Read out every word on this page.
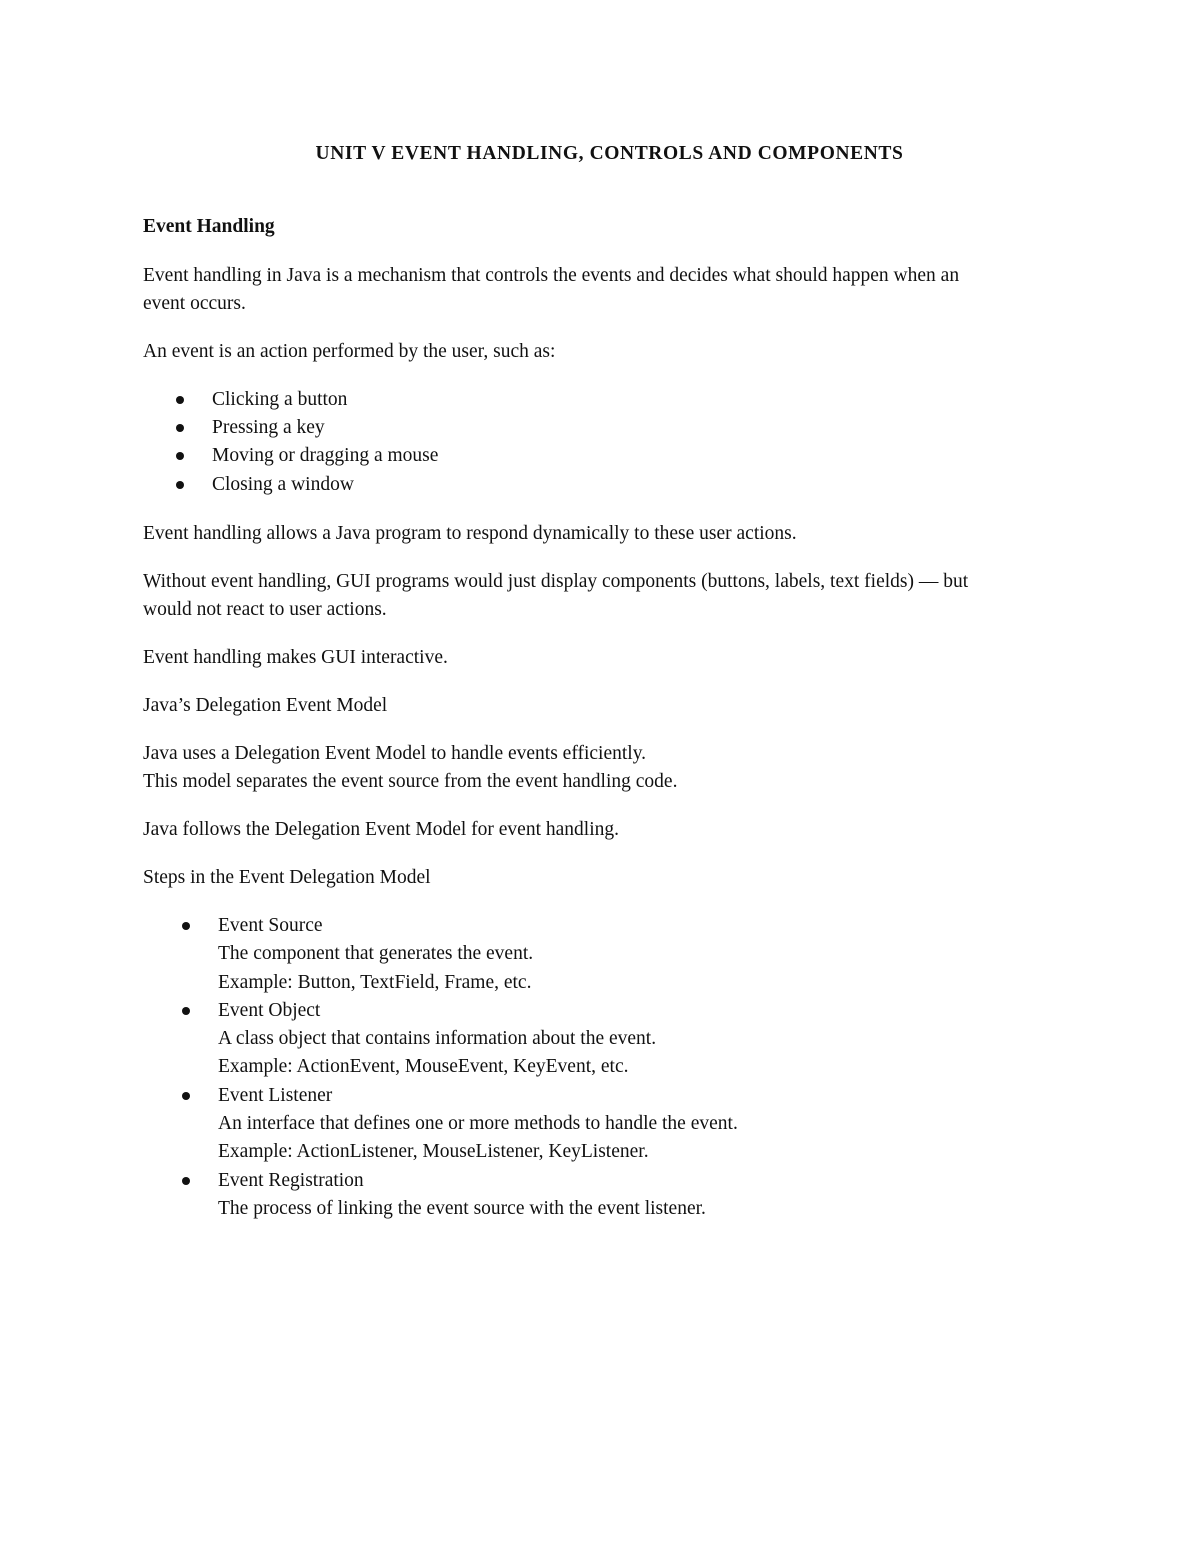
UNIT V EVENT HANDLING, CONTROLS AND COMPONENTS

Event Handling

Event handling in Java is a mechanism that controls the events and decides what should happen when an

event occurs.

An event is an action performed by the user, such as:

Clicking a button
Pressing a key
Moving or dragging a mouse
Closing a window

Event handling allows a Java program to respond dynamically to these user actions.

Without event handling, GUI programs would just display components (buttons, labels, text fields) — but

would not react to user actions.

Event handling makes GUI interactive.

Java’s Delegation Event Model

Java uses a Delegation Event Model to handle events efficiently.

This model separates the event source from the event handling code.

Java follows the Delegation Event Model for event handling.

Steps in the Event Delegation Model

Event Source
The component that generates the event.
Example: Button, TextField, Frame, etc.
Event Object
A class object that contains information about the event.
Example: ActionEvent, MouseEvent, KeyEvent, etc.
Event Listener
An interface that defines one or more methods to handle the event.
Example: ActionListener, MouseListener, KeyListener.
Event Registration
The process of linking the event source with the event listener.
